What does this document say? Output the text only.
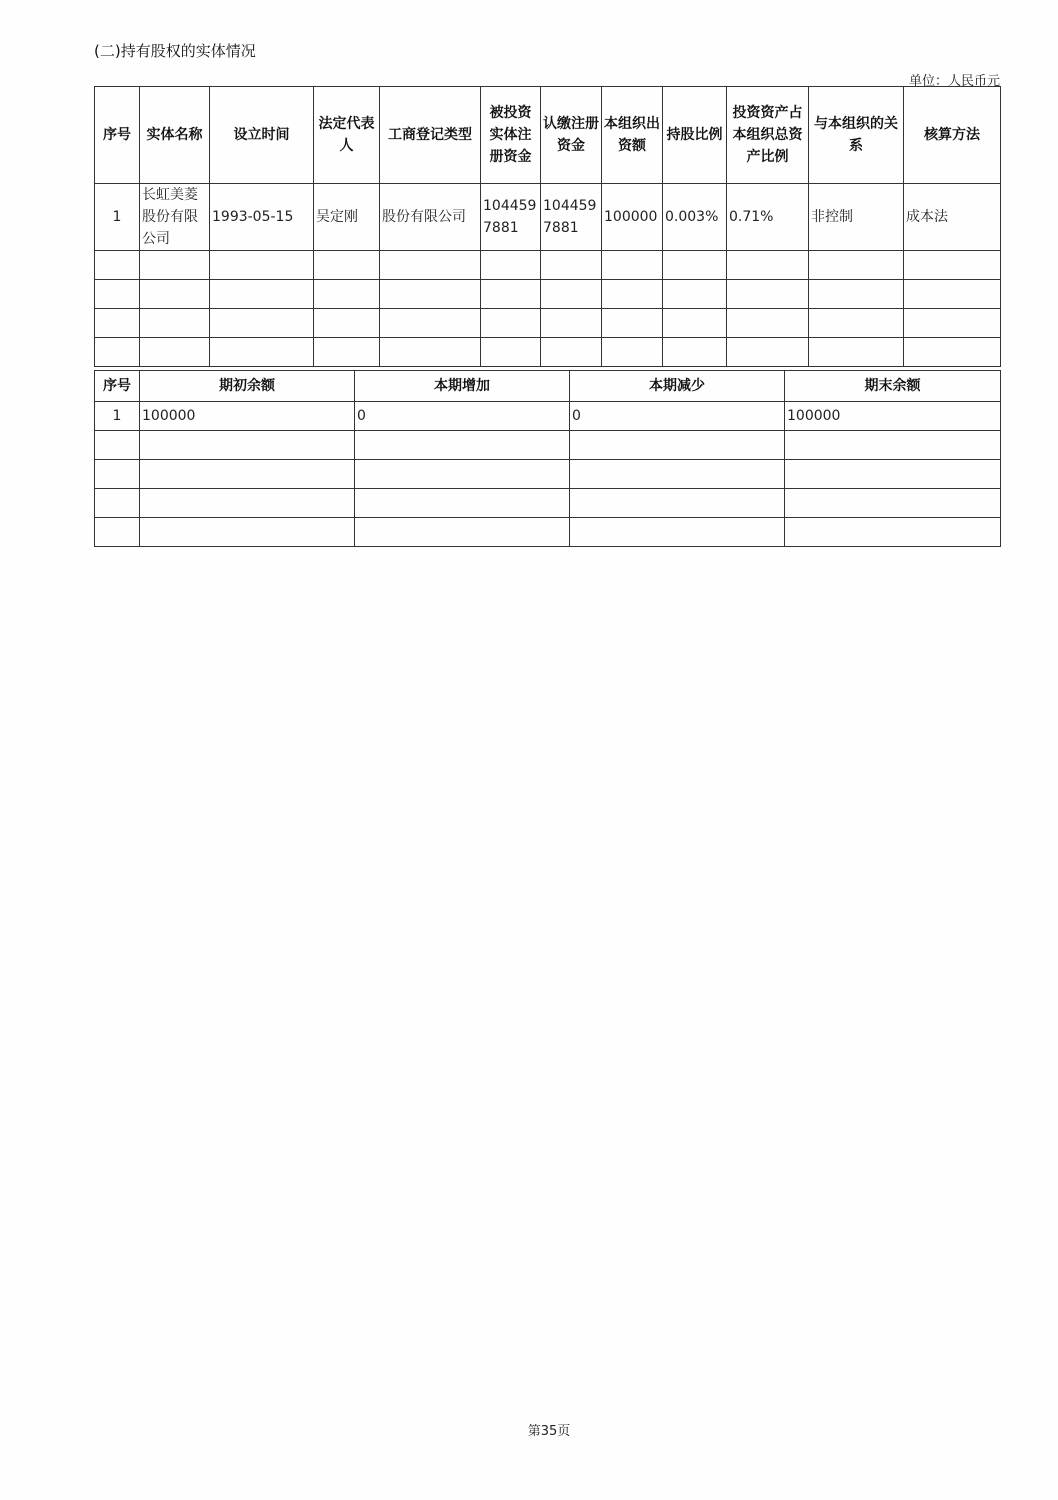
(二)持有股权的实体情况
单位：人民币元
序号	实体名称	设立时间	法定代表人	工商登记类型	被投资实体注册资金	认缴注册资金	本组织出资额	持股比例	投资资产占本组织总资产比例	与本组织的关系	核算方法
1	长虹美菱股份有限公司	1993-05-15	吴定刚	股份有限公司	1044597881	1044597881	100000	0.003%	0.71%	非控制	成本法

序号	期初余额	本期增加	本期减少	期末余额
1	100000	0	0	100000

第35页
